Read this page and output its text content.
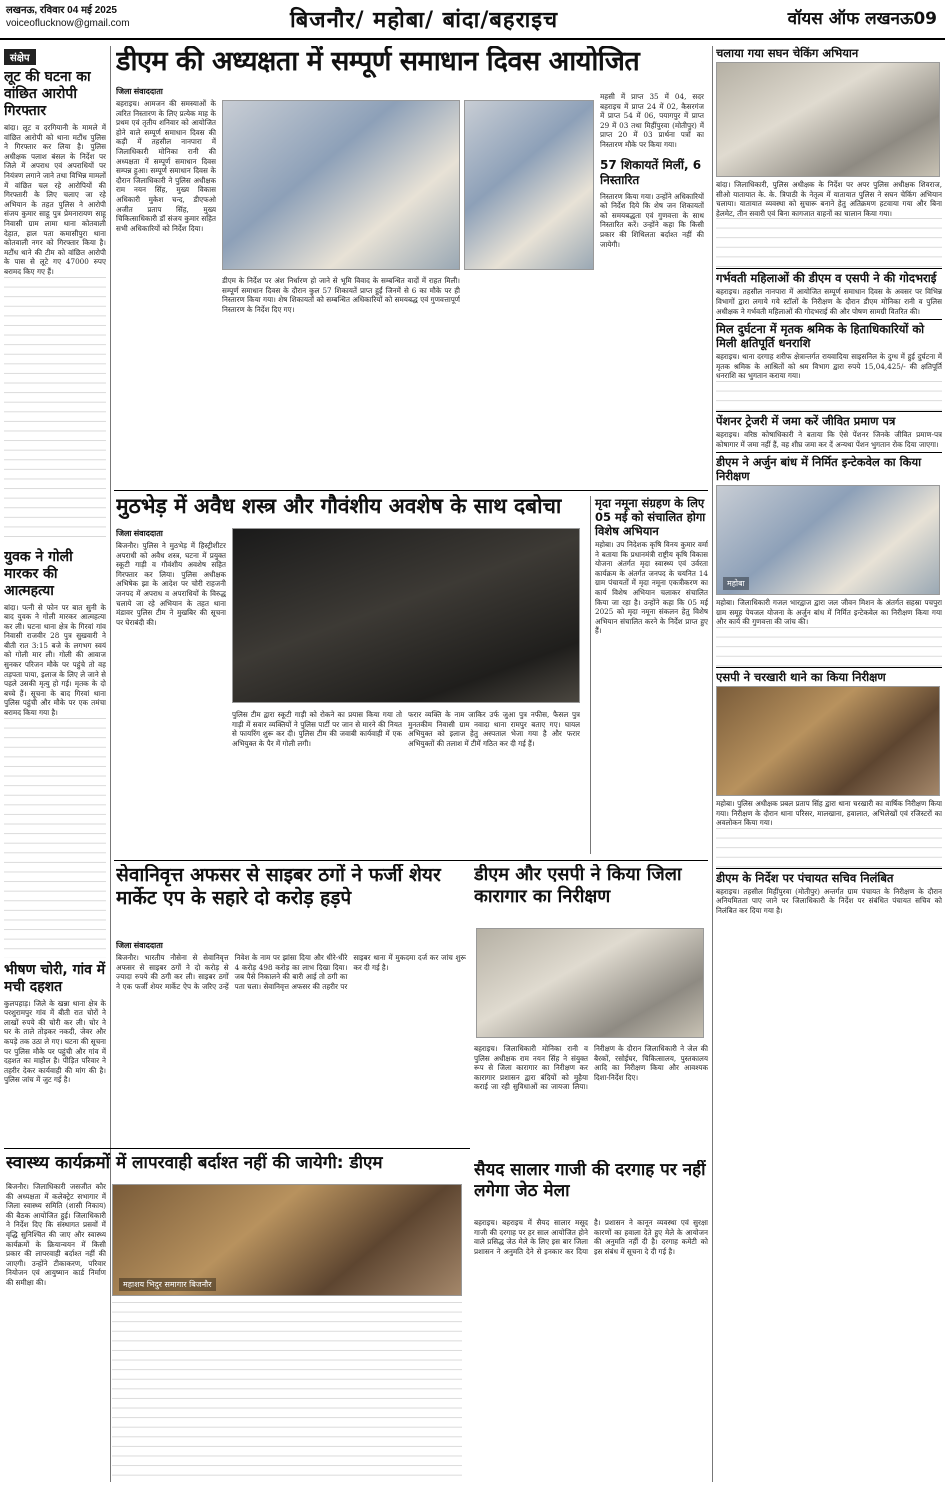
लखनऊ, रविवार 04 मई 2025
voiceoflucknow@gmail.com	बिजनौर/ महोबा/ बांदा/बहराइच	वॉयस ऑफ लखनऊ09
संक्षेप
लूट की घटना का वांछित आरोपी गिरफ्तार
बांदा। लूट व दरगियानी के मामले में वांछित आरोपी को थाना मटौंध पुलिस ने गिरफ्तार कर लिया है। पुलिस अधीक्षक पलाश बंसल के निर्देश पर जिले में अपराध एवं अपराधियों पर नियंत्रण लगाने जाने तथा विभिन्न मामलों में वांछित चल रहे आरोपियों की गिरफ्तारी के लिए चलाए जा रहे अभियान के तहत पुलिस ने आरोपी संजय कुमार साहू पुत्र प्रेमनारायण साहू निवासी ग्राम लामा थाना कोतवाली देहात, हाल पता कमासीपुरा थाना कोतवाली नगर को गिरफ्तार किया है। मटौंध थाने की टीम को वांछित आरोपी के पास से लूटे गए 47000 रुपए बरामद किए गए हैं।
युवक ने गोली मारकर की आत्महत्या
बांदा। पत्नी से फोन पर बात सुनी के बाद युवक ने गोली मारकर आत्महत्या कर ली। घटना थाना क्षेत्र के गिरवां गांव निवासी राजवीर 28 पुत्र सुखवारी ने बीती रात 3:15 बजे के लगभग स्वयं को गोली मार ली। गोली की आवाज सुनकर परिजन मौके पर पहुंचे तो वह तड़पता पाया, इलाज के लिए ले जाने से पहले उसकी मृत्यु हो गई। मृतक के दो बच्चे हैं। सूचना के बाद गिरवां थाना पुलिस पहुंची और मौके पर एक तमंचा बरामद किया गया है।
भीषण चोरी, गांव में मची दहशत
कुलपहाड़। जिले के खन्ना थाना क्षेत्र के परशुरामपुर गांव में बीती रात चोरों ने लाखों रुपये की चोरी कर ली। चोर ने घर के ताले तोड़कर नकदी, जेवर और कपड़े तक उठा ले गए। घटना की सूचना पर पुलिस मौके पर पहुंची और गांव में दहशत का माहौल है। पीड़ित परिवार ने तहरीर देकर कार्यवाही की मांग की है। पुलिस जांच में जुट गई है।
डीएम की अध्यक्षता में सम्पूर्ण समाधान दिवस आयोजित
जिला संवाददाता
बहराइच। आमजन की समस्याओं के त्वरित निस्तारण के लिए प्रत्येक माह के प्रथम एवं तृतीय शनिवार को आयोजित होने वाले सम्पूर्ण समाधान दिवस की कड़ी में तहसील नानपारा में जिलाधिकारी मोनिका रानी की अध्यक्षता में सम्पूर्ण समाधान दिवस सम्पन्न हुआ। सम्पूर्ण समाधान दिवस के दौरान जिलाधिकारी ने पुलिस अधीक्षक राम नयन सिंह, मुख्य विकास अधिकारी मुकेश चन्द, डीएफओ अजीत प्रताप सिंह, मुख्य चिकित्साधिकारी डॉ संजय कुमार सहित सभी अधिकारियों को निर्देश दिया।
डीएम के निर्देश पर अंश निर्धारण हो जाने से भूमि विवाद के सम्बन्धित वादों में राहत मिली। सम्पूर्ण समाधान दिवस के दौरान कुल 57 शिकायतें प्राप्त हुईं जिनमें से 6 का मौके पर ही निस्तारण किया गया। शेष शिकायतों को सम्बन्धित अधिकारियों को समयबद्ध एवं गुणवत्तापूर्ण निस्तारण के निर्देश दिए गए।
महसी में प्राप्त 35 में 04, सदर बहराइच में प्राप्त 24 में 02, कैसरगंज में प्राप्त 54 में 06, पयागपुर में प्राप्त 29 में 03 तथा मिहींपुरवा (मोतीपुर) में प्राप्त 20 में 03 प्रार्थना पत्रों का निस्तारण मौके पर किया गया।
57 शिकायतें मिलीं, 6 निस्तारित
निस्तारण किया गया। उन्होंने अधिकारियों को निर्देश दिये कि शेष जन शिकायतों को समयबद्धता एवं गुणवत्ता के साथ निस्तारित करें। उन्होंने कहा कि किसी प्रकार की शिथिलता बर्दाश्त नहीं की जायेगी।
मुठभेड़ में अवैध शस्त्र और गौवंशीय अवशेष के साथ दबोचा
जिला संवाददाता
बिजनौर। पुलिस ने मुठभेड़ में हिस्ट्रीशीटर अपराधी को अवैध शस्त्र, घटना में प्रयुक्त स्कूटी गाड़ी व गौवंशीय अवशेष सहित गिरफ्तार कर लिया। पुलिस अधीक्षक अभिषेक झा के आदेश पर चोरी राहजनी जनपद में अपराध व अपराधियों के विरुद्ध चलाये जा रहे अभियान के तहत थाना मंडावर पुलिस टीम ने मुखबिर की सूचना पर घेराबंदी की।
पुलिस टीम द्वारा स्कूटी गाड़ी को रोकने का प्रयास किया गया तो गाड़ी में सवार व्यक्तियों ने पुलिस पार्टी पर जान से मारने की नियत से फायरिंग शुरू कर दी। पुलिस टीम की जवाबी कार्यवाही में एक अभियुक्त के पैर में गोली लगी।
फरार व्यक्ति के नाम जाकिर उर्फ जुआ पुत्र नफीस, फैसल पुत्र मुनतकीम निवासी ग्राम नवादा थाना रामपुर बताए गए। घायल अभियुक्त को इलाज हेतु अस्पताल भेजा गया है और फरार अभियुक्तों की तलाश में टीमें गठित कर दी गई हैं।
मृदा नमूना संग्रहण के लिए 05 मई को संचालित होगा विशेष अभियान
महोबा। उप निदेशक कृषि विनय कुमार वर्मा ने बताया कि प्रधानमंत्री राष्ट्रीय कृषि विकास योजना अंतर्गत मृदा स्वास्थ्य एवं उर्वरता कार्यक्रम के अंतर्गत जनपद के चयनित 14 ग्राम पंचायतों में मृदा नमूना एकत्रीकरण का कार्य विशेष अभियान चलाकर संचालित किया जा रहा है। उन्होंने कहा कि 05 मई 2025 को मृदा नमूना संकलन हेतु विशेष अभियान संचालित करने के निर्देश प्राप्त हुए हैं।
सेवानिवृत्त अफसर से साइबर ठगों ने फर्जी शेयर मार्केट एप के सहारे दो करोड़ हड़पे
जिला संवाददाता
बिजनौर। भारतीय नौसेना से सेवानिवृत्त अफसर से साइबर ठगों ने दो करोड़ से ज्यादा रुपये की ठगी कर ली। साइबर ठगों ने एक फर्जी शेयर मार्केट ऐप के जरिए उन्हें निवेश के नाम पर झांसा दिया और धीरे-धीरे 4 करोड़ 498 करोड़ का लाभ दिखा दिया। जब पैसे निकालने की बारी आई तो ठगी का पता चला। सेवानिवृत्त अफसर की तहरीर पर साइबर थाना में मुकदमा दर्ज कर जांच शुरू कर दी गई है।
डीएम और एसपी ने किया जिला कारागार का निरीक्षण
बहराइच। जिलाधिकारी मोनिका रानी व पुलिस अधीक्षक राम नयन सिंह ने संयुक्त रूप से जिला कारागार का निरीक्षण कर कारागार प्रशासन द्वारा बंदियों को मुहैया कराई जा रही सुविधाओं का जायजा लिया। निरीक्षण के दौरान जिलाधिकारी ने जेल की बैरकों, रसोईघर, चिकित्सालय, पुस्तकालय आदि का निरीक्षण किया और आवश्यक दिशा-निर्देश दिए।
सैयद सालार गाजी की दरगाह पर नहीं लगेगा जेठ मेला
बहराइच। बहराइच में सैयद सालार मसूद गाजी की दरगाह पर हर साल आयोजित होने वाले प्रसिद्ध जेठ मेले के लिए इस बार जिला प्रशासन ने अनुमति देने से इनकार कर दिया है। प्रशासन ने कानून व्यवस्था एवं सुरक्षा कारणों का हवाला देते हुए मेले के आयोजन की अनुमति नहीं दी है। दरगाह कमेटी को इस संबंध में सूचना दे दी गई है।
स्वास्थ्य कार्यक्रमों में लापरवाही बर्दाश्त नहीं की जायेगी: डीएम
बिजनौर। जिलाधिकारी जसजीत कौर की अध्यक्षता में कलेक्ट्रेट सभागार में जिला स्वास्थ्य समिति (शासी निकाय) की बैठक आयोजित हुई। जिलाधिकारी ने निर्देश दिए कि संस्थागत प्रसवों में वृद्धि सुनिश्चित की जाए और स्वास्थ्य कार्यक्रमों के क्रियान्वयन में किसी प्रकार की लापरवाही बर्दाश्त नहीं की जाएगी। उन्होंने टीकाकरण, परिवार नियोजन एवं आयुष्मान कार्ड निर्माण की समीक्षा की।	महाशय भिदुर समागार बिजनौर
चलाया गया सघन चेकिंग अभियान
बांदा। जिलाधिकारी, पुलिस अधीक्षक के निर्देश पर अपर पुलिस अधीक्षक शिवराज, सीओ यातायात के. के. त्रिपाठी के नेतृत्व में यातायात पुलिस ने सघन चेकिंग अभियान चलाया। यातायात व्यवस्था को सुचारू बनाने हेतु अतिक्रमण हटवाया गया और बिना हेलमेट, तीन सवारी एवं बिना कागजात वाहनों का चालान किया गया।
गर्भवती महिलाओं की डीएम व एसपी ने की गोदभराई
बहराइच। तहसील नानपारा में आयोजित सम्पूर्ण समाधान दिवस के अवसर पर विभिन्न विभागों द्वारा लगाये गये स्टॉलों के निरीक्षण के दौरान डीएम मोनिका रानी व पुलिस अधीक्षक ने गर्भवती महिलाओं की गोदभराई की और पोषण सामग्री वितरित की।
मिल दुर्घटना में मृतक श्रमिक के हिताधिकारियों को मिली क्षतिपूर्ति धनराशि
बहराइच। थाना दरगाह शरीफ क्षेत्रान्तर्गत रायवादिया साइसनिल के दुग्ध में हुई दुर्घटना में मृतक श्रमिक के आश्रितों को श्रम विभाग द्वारा रुपये 15,04,425/- की क्षतिपूर्ति धनराशि का भुगतान कराया गया।
पेंशनर ट्रेजरी में जमा करें जीवित प्रमाण पत्र
बहराइच। वरिष्ठ कोषाधिकारी ने बताया कि ऐसे पेंशनर जिनके जीवित प्रमाण-पत्र कोषागार में जमा नहीं हैं, वह शीघ्र जमा कर दें अन्यथा पेंशन भुगतान रोक दिया जाएगा।
डीएम ने अर्जुन बांध में निर्मित इन्टेकवेल का किया निरीक्षण
महोबा
महोबा। जिलाधिकारी गजल भारद्वाज द्वारा जल जीवन मिशन के अंतर्गत सहस्रा पचपुरा ग्राम समूह पेयजल योजना के अर्जुन बांध में निर्मित इन्टेकवेल का निरीक्षण किया गया और कार्य की गुणवत्ता की जांच की।
एसपी ने चरखारी थाने का किया निरीक्षण
महोबा। पुलिस अधीक्षक प्रबल प्रताप सिंह द्वारा थाना चरखारी का वार्षिक निरीक्षण किया गया। निरीक्षण के दौरान थाना परिसर, मालखाना, हवालात, अभिलेखों एवं रजिस्टरों का अवलोकन किया गया।
डीएम के निर्देश पर पंचायत सचिव निलंबित
बहराइच। तहसील मिहींपुरवा (मोतीपुर) अन्तर्गत ग्राम पंचायत के निरीक्षण के दौरान अनियमितता पाए जाने पर जिलाधिकारी के निर्देश पर संबंधित पंचायत सचिव को निलंबित कर दिया गया है।
